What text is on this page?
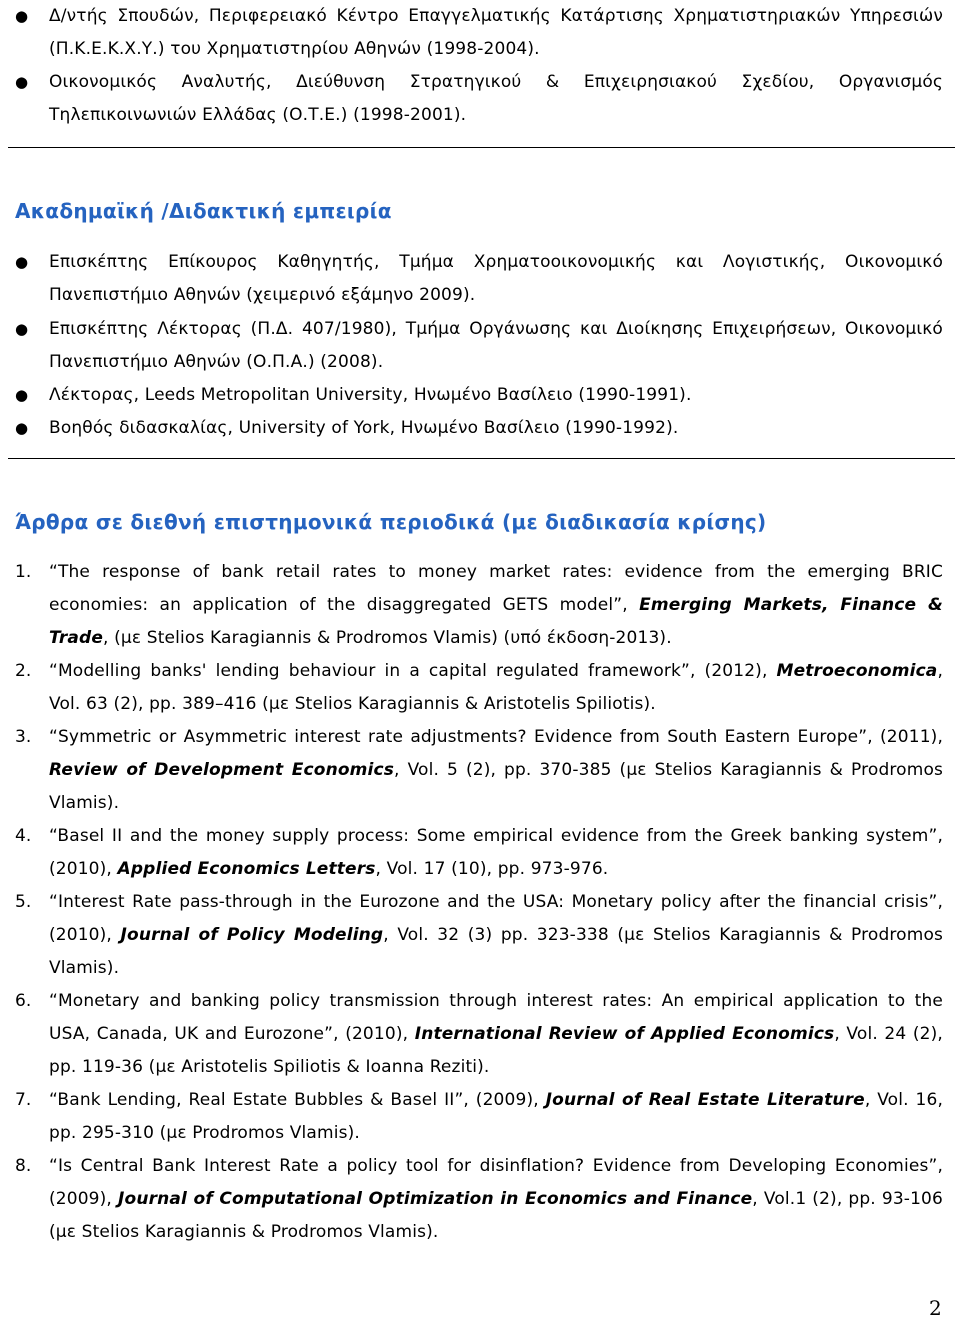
● Δ/ντής Σπουδών, Περιφερειακό Κέντρο Επαγγελματικής Κατάρτισης Χρηματιστηριακών Υπηρεσιών (Π.Κ.Ε.Κ.Χ.Υ.) του Χρηματιστηρίου Αθηνών (1998-2004).
● Οικονομικός Αναλυτής, Διεύθυνση Στρατηγικού & Επιχειρησιακού Σχεδίου, Οργανισμός Τηλεπικοινωνιών Ελλάδας (Ο.Τ.Ε.) (1998-2001).
Ακαδημαϊκή /Διδακτική εμπειρία
● Επισκέπτης Επίκουρος Καθηγητής, Τμήμα Χρηματοοικονομικής και Λογιστικής, Οικονομικό Πανεπιστήμιο Αθηνών (χειμερινό εξάμηνο 2009).
● Επισκέπτης Λέκτορας (Π.Δ. 407/1980), Τμήμα Οργάνωσης και Διοίκησης Επιχειρήσεων, Οικονομικό Πανεπιστήμιο Αθηνών (Ο.Π.Α.) (2008).
● Λέκτορας, Leeds Metropolitan University, Ηνωμένο Βασίλειο (1990-1991).
● Βοηθός διδασκαλίας, University of York, Ηνωμένο Βασίλειο (1990-1992).
Άρθρα σε διεθνή επιστημονικά περιοδικά (με διαδικασία κρίσης)
1. “The response of bank retail rates to money market rates: evidence from the emerging BRIC economies: an application of the disaggregated GETS model”, Emerging Markets, Finance & Trade, (με Stelios Karagiannis & Prodromos Vlamis) (υπό έκδοση-2013).
2. “Modelling banks' lending behaviour in a capital regulated framework”, (2012), Metroeconomica, Vol. 63 (2), pp. 389–416 (με Stelios Karagiannis & Aristotelis Spiliotis).
3. “Symmetric or Asymmetric interest rate adjustments? Evidence from South Eastern Europe”, (2011), Review of Development Economics, Vol. 5 (2), pp. 370-385 (με Stelios Karagiannis & Prodromos Vlamis).
4. “Basel II and the money supply process: Some empirical evidence from the Greek banking system”, (2010), Applied Economics Letters, Vol. 17 (10), pp. 973-976.
5. “Interest Rate pass-through in the Eurozone and the USA: Monetary policy after the financial crisis”, (2010), Journal of Policy Modeling, Vol. 32 (3) pp. 323-338 (με Stelios Karagiannis & Prodromos Vlamis).
6. “Monetary and banking policy transmission through interest rates: An empirical application to the USA, Canada, UK and Eurozone”, (2010), International Review of Applied Economics, Vol. 24 (2), pp. 119-36 (με Aristotelis Spiliotis & Ioanna Reziti).
7. “Bank Lending, Real Estate Bubbles & Basel II”, (2009), Journal of Real Estate Literature, Vol. 16, pp. 295-310 (με Prodromos Vlamis).
8. “Is Central Bank Interest Rate a policy tool for disinflation? Evidence from Developing Economies”, (2009), Journal of Computational Optimization in Economics and Finance, Vol.1 (2), pp. 93-106 (με Stelios Karagiannis & Prodromos Vlamis).
2
